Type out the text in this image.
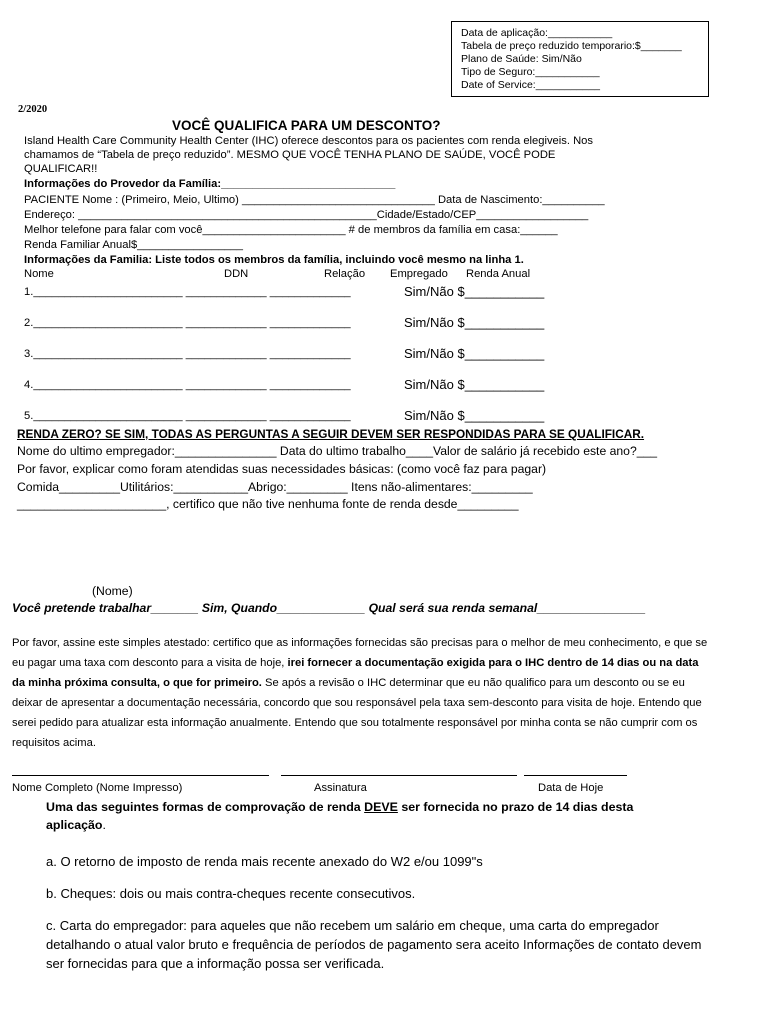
Data de aplicação:___________
Tabela de preço reduzido temporario:$_______
Plano de Saúde: Sim/Não
Tipo de Seguro:___________
Date of Service:___________
2/2020
VOCÊ QUALIFICA PARA UM DESCONTO?
Island Health Care Community Health Center (IHC) oferece descontos para os pacientes com renda elegiveis. Nos
chamamos de “Tabela de preço reduzido”. MESMO QUE VOCÊ TENHA PLANO DE SAÚDE, VOCÊ PODE
QUALIFICAR!!
Informações do Provedor da Família:____________________________
PACIENTE Nome : (Primeiro, Meio, Ultimo) _______________________________ Data de Nascimento:__________
Endereço: ________________________________________________Cidade/Estado/CEP__________________
Melhor telefone para falar com você_______________________ # de membros da família em casa:______
Renda Familiar Anual$_________________
Informações da Familia: Liste todos os membros da família, incluindo você mesmo na linha 1.
Nome	DDN	Relação Empregado Renda Anual
1.________________________ _____________ _____________	Sim/Não $___________
2.________________________ _____________ _____________	Sim/Não $___________
3.________________________ _____________ _____________	Sim/Não $___________
4.________________________ _____________ _____________	Sim/Não $___________
5.________________________ _____________ _____________	Sim/Não $___________
RENDA ZERO? SE SIM, TODAS AS PERGUNTAS A SEGUIR DEVEM SER RESPONDIDAS PARA SE QUALIFICAR.
Nome do ultimo empregador:_______________ Data do ultimo trabalho____Valor de salário já recebido este ano?___
Por favor, explicar como foram atendidas suas necessidades básicas: (como você faz para pagar)
Comida_________Utilitários:___________Abrigo:_________ Itens não-alimentares:_________
______________________, certifico que não tive nenhuma fonte de renda desde_________
(Nome)
Você pretende trabalhar_______ Sim, Quando_____________ Qual será sua renda semanal________________
Por favor, assine este simples atestado: certifico que as informações fornecidas são precisas para o melhor de meu conhecimento, e que se eu pagar uma taxa com desconto para a visita de hoje, irei fornecer a documentação exigida para o IHC dentro de 14 dias ou na data da minha próxima consulta, o que for primeiro. Se após a revisão o IHC determinar que eu não qualifico para um desconto ou se eu deixar de apresentar a documentação necessária, concordo que sou responsável pela taxa sem-desconto para visita de hoje. Entendo que serei pedido para atualizar esta informação anualmente. Entendo que sou totalmente responsável por minha conta se não cumprir com os requisitos acima.
Nome Completo (Nome Impresso)	Assinatura	Data de Hoje
Uma das seguintes formas de comprovação de renda DEVE ser fornecida no prazo de 14 dias desta
aplicação.
a. O retorno de imposto de renda mais recente anexado do W2 e/ou 1099"s
b. Cheques: dois ou mais contra-cheques recente consecutivos.
c. Carta do empregador: para aqueles que não recebem um salário em cheque, uma carta do empregador detalhando o atual valor bruto e frequência de períodos de pagamento sera aceito Informações de contato devem ser fornecidas para que a informação possa ser verificada.
